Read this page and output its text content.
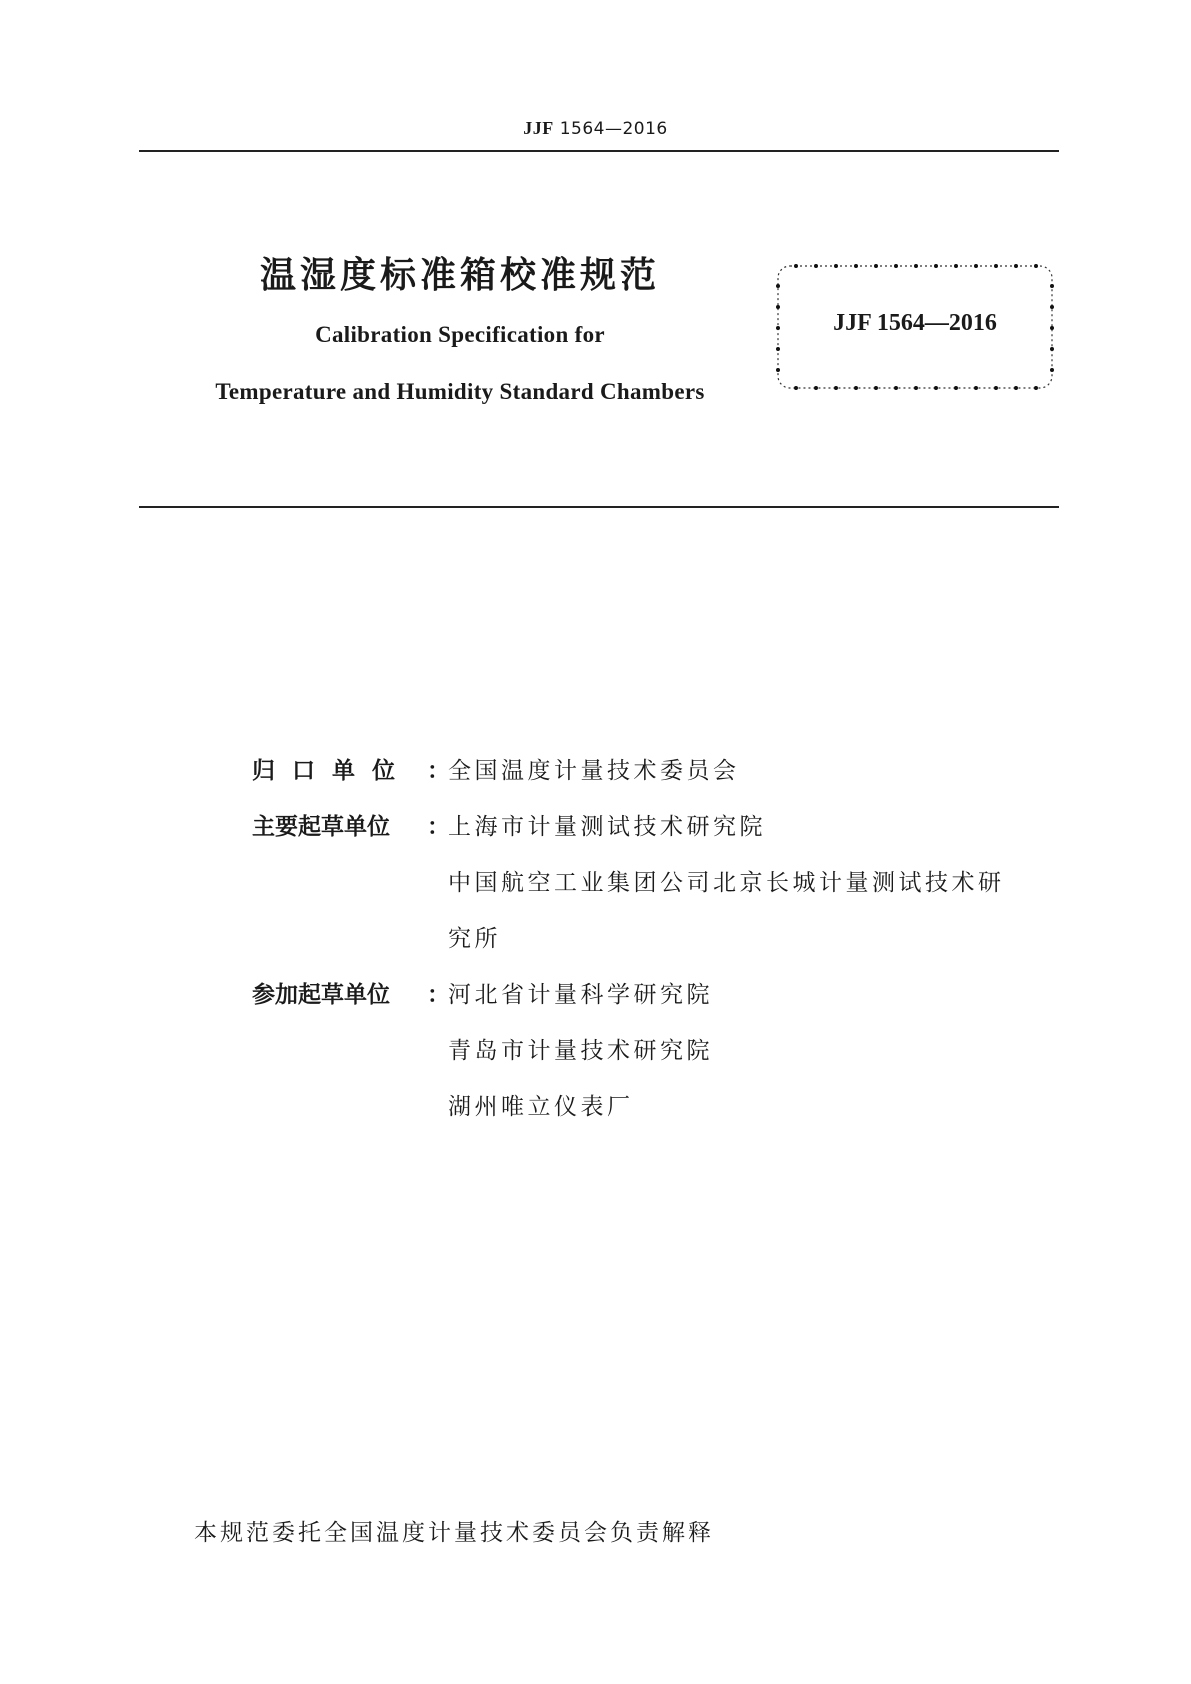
JJF 1564—2016
温湿度标准箱校准规范
Calibration Specification for
Temperature and Humidity Standard Chambers
JJF 1564—2016
归口单位 ：
全国温度计量技术委员会
主要起草单位	：
上海市计量测试技术研究院
中国航空工业集团公司北京长城计量测试技术研
究所
参加起草单位	：
河北省计量科学研究院
青岛市计量技术研究院
湖州唯立仪表厂
本规范委托全国温度计量技术委员会负责解释
